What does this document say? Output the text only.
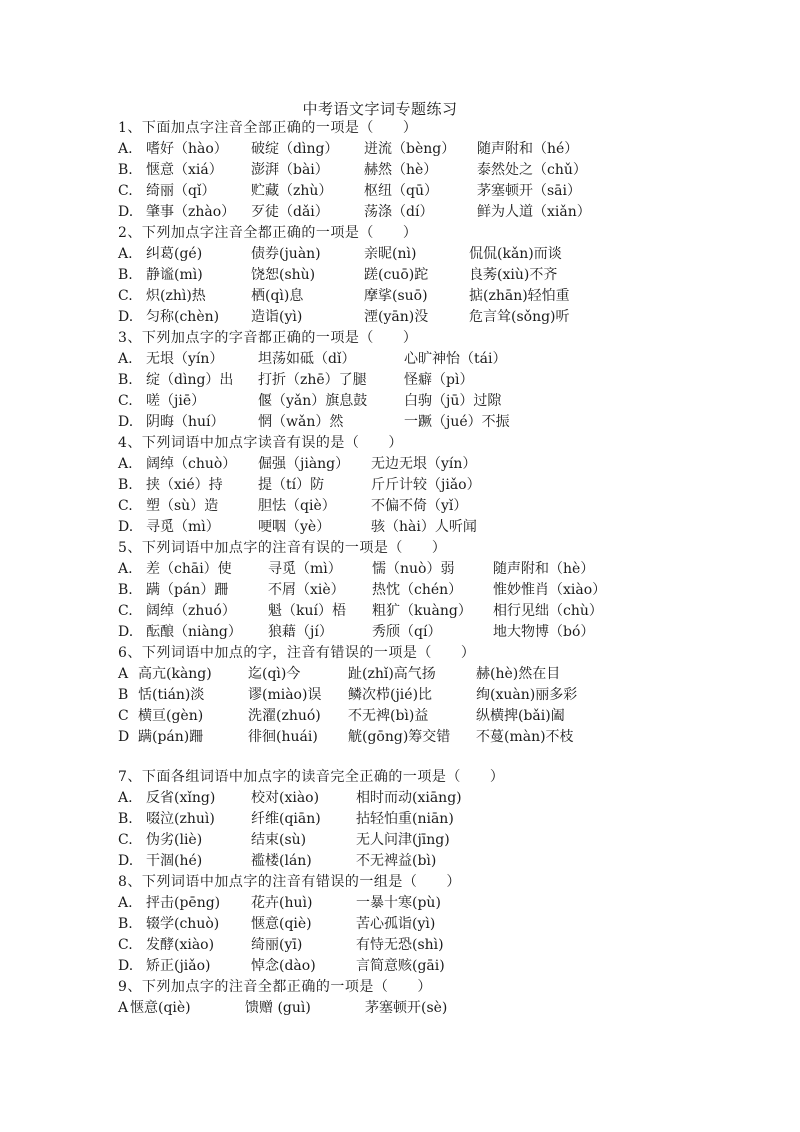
中考语文字词专题练习
1、下面加点字注音全部正确的一项是（　　）
A. 嗜好（hào） 破绽（dìng） 迸流（bèng） 随声附和（hé）
B. 惬意（xiá） 澎湃（bài）	赫然（hè）	泰然处之（chǔ）
C. 绮丽（qǐ）	贮藏（zhù） 枢纽（qū）	茅塞顿开（sāi）
D. 肇事（zhào） 歹徒（dǎi）	荡涤（dí）	鲜为人道（xiǎn）
2、下列加点字注音全都正确的一项是（　　）
A. 纠葛(gé)	债券(juàn)	亲昵(nì)	侃侃(kǎn)而谈
B. 静谧(mì)	饶恕(shù)	蹉(cuō)跎	良莠(xiù)不齐
C. 炽(zhì)热	栖(qì)息	摩挲(suō)	掂(zhān)轻怕重
D. 匀称(chèn) 造诣(yì)	湮(yān)没	危言耸(sǒng)听
3、下列加点字的字音都正确的一项是（　　）
A. 无垠（yín） 坦荡如砥（dǐ）	心旷神怡（tái）
B. 绽（dìng）出 打折（zhē）了腿	怪癖（pì）
C. 嗟（jiē）	偃（yǎn）旗息鼓	白驹（jū）过隙
D. 阴晦（huí） 惘（wǎn）然	一蹶（jué）不振
4、下列词语中加点字读音有误的是（　　）
A. 阔绰（chuò） 倔强（jiàng） 无边无垠（yín）
B. 挟（xié）持	提（tí）防	斤斤计较（jiǎo）
C. 塑（sù）造	胆怯（qiè）	不偏不倚（yǐ）
D. 寻觅（mì）	哽咽（yè）	骇（hài）人听闻
5、下列词语中加点字的注音有误的一项是（　　）
A. 差（chāi）使	寻觅（mì） 懦（nuò）弱	随声附和（hè）
B. 蹒（pán）跚	不屑（xiè） 热忱（chén） 惟妙惟肖（xiào）
C. 阔绰（zhuó） 魁（kuí）梧 粗犷（kuàng） 相行见绌（chù）
D. 酝酿（niàng） 狼藉（jí）	秀颀（qí）	地大物博（bó）
6、下列词语中加点的字，注音有错误的一项是（　　）
A 高亢(kàng)	迄(qì)今	趾(zhǐ)高气扬	赫(hè)然在目
B 恬(tián)淡	谬(miào)误 鳞次栉(jié)比	绚(xuàn)丽多彩
C 横亘(gèn)	洗濯(zhuó) 不无裨(bì)益	纵横捭(bǎi)阖
D 蹒(pán)跚	徘徊(huái) 觥(gōng)筹交错 不蔓(màn)不枝
7、下面各组词语中加点字的读音完全正确的一项是（　　）
A. 反省(xǐng)	校对(xiào)	相时而动(xiāng)
B. 啜泣(zhuì)	纤维(qiān)	拈轻怕重(niān)
C. 伪劣(liè)	结束(sù)	无人问津(jīng)
D. 干涸(hé)	褴楼(lán)	不无裨益(bì)
8、下列词语中加点字的注音有错误的一组是（　　）
A. 抨击(pēng) 花卉(huì)	一暴十寒(pù)
B. 辍学(chuò) 惬意(qiè)	苦心孤诣(yì)
C. 发酵(xiào)	绮丽(yī)	有恃无恐(shì)
D. 矫正(jiǎo)	悼念(dào)	言简意赅(gāi)
9、下列加点字的注音全都正确的一项是（　　）
A 惬意(qiè)	馈赠 (guì)	茅塞顿开(sè)
